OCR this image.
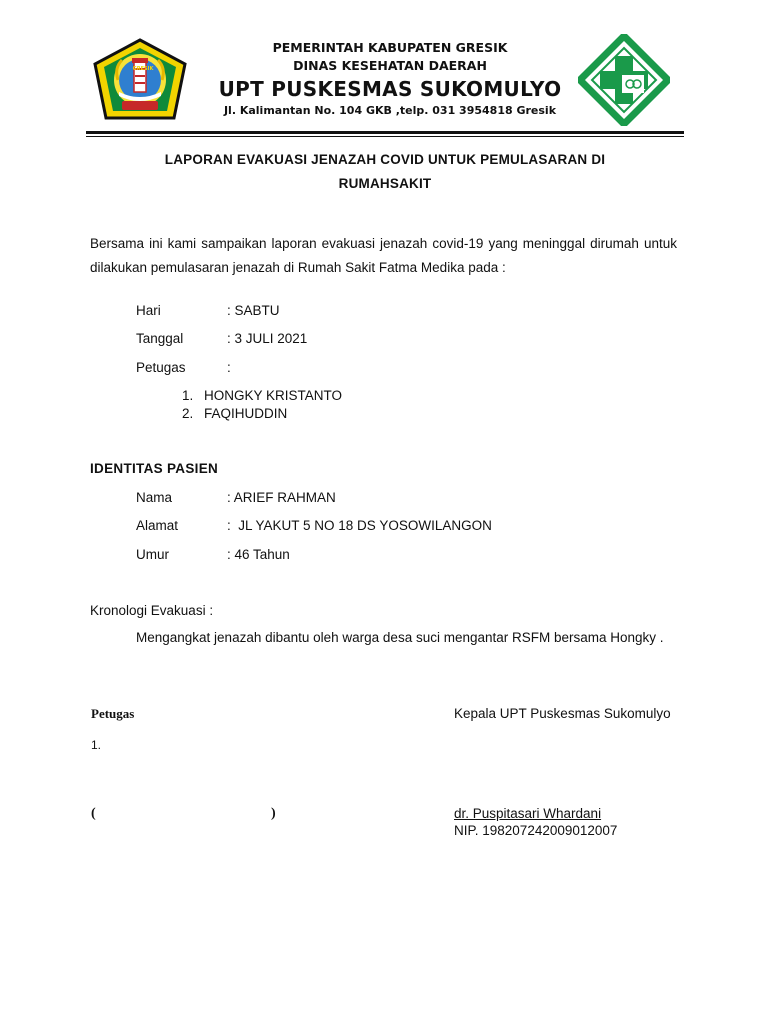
GRESIK
PEMERINTAH KABUPATEN GRESIK
DINAS KESEHATAN DAERAH
UPT PUSKESMAS SUKOMULYO
Jl. Kalimantan No. 104 GKB ,telp. 031 3954818 Gresik
LAPORAN EVAKUASI JENAZAH COVID UNTUK PEMULASARAN DI
RUMAHSAKIT
Bersama ini kami sampaikan laporan evakuasi jenazah covid-19 yang meninggal dirumah untuk dilakukan pemulasaran jenazah di Rumah Sakit Fatma Medika pada :
Hari	: SABTU
Tanggal	: 3 JULI 2021
Petugas	:
1. HONGKY KRISTANTO
2. FAQIHUDDIN
IDENTITAS PASIEN
Nama	: ARIEF RAHMAN
Alamat	:  JL YAKUT 5 NO 18 DS YOSOWILANGON
Umur	: 46 Tahun
Kronologi Evakuasi :
Mengangkat jenazah dibantu oleh warga desa suci mengantar RSFM bersama Hongky .
Petugas
1.
(	)
Kepala UPT Puskesmas Sukomulyo
dr. Puspitasari Whardani
NIP. 198207242009012007
